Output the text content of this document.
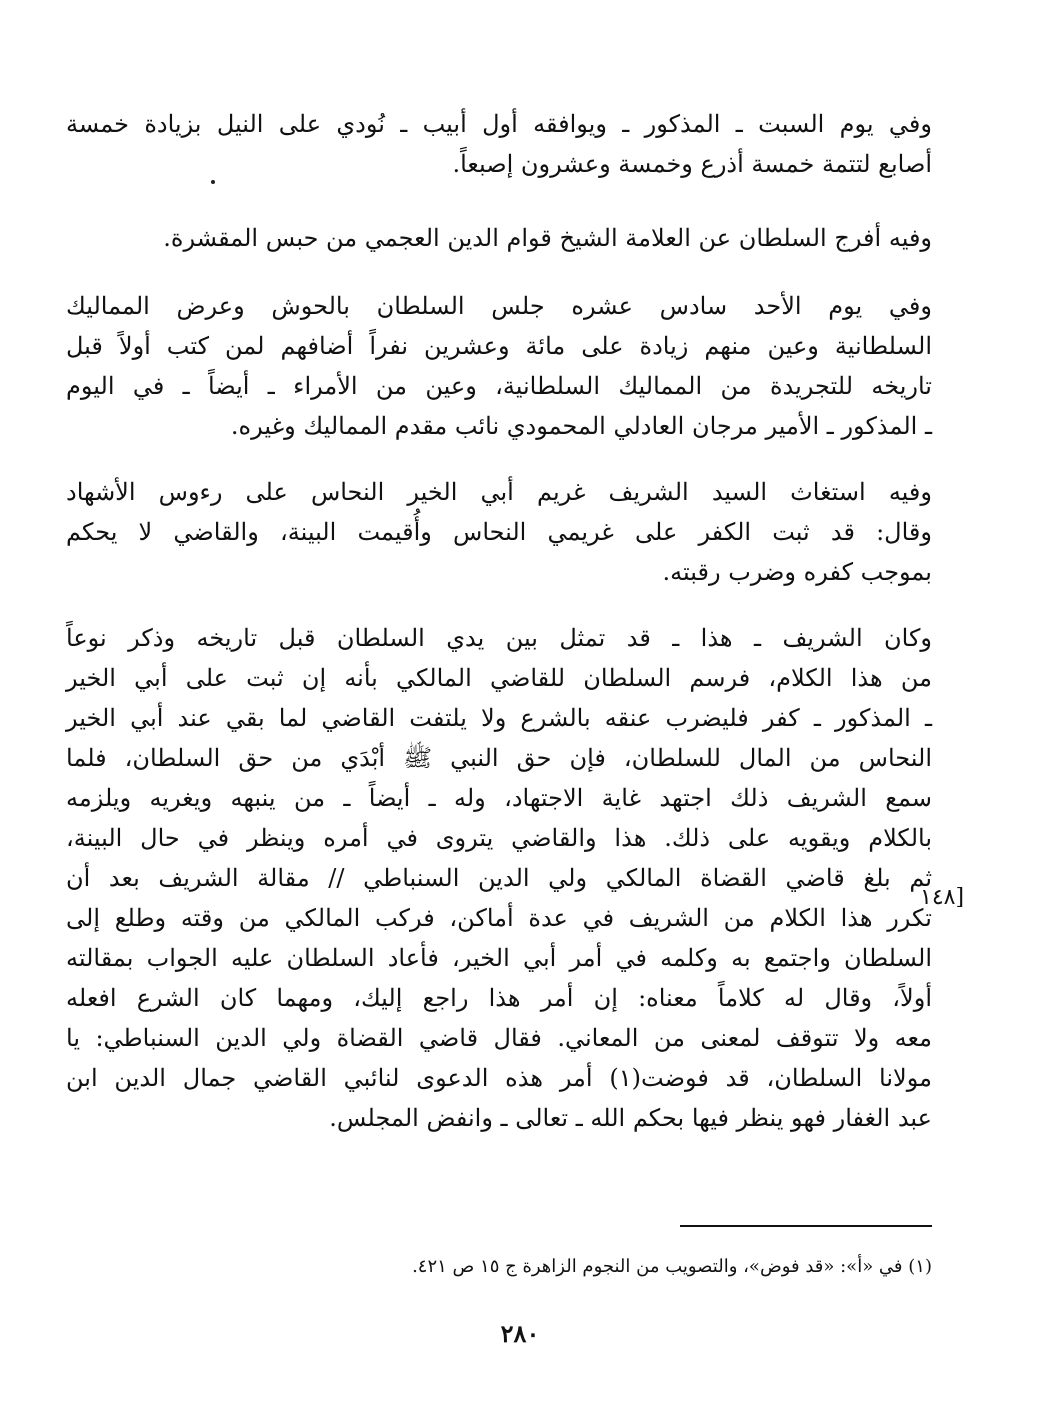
وفي يوم السبت ـ المذكور ـ ويوافقه أول أبيب ـ نُودي على النيل بزيادة خمسة
أصابع لتتمة خمسة أذرع وخمسة وعشرون إصبعاً.
وفيه أفرج السلطان عن العلامة الشيخ قوام الدين العجمي من حبس المقشرة.
وفي يوم الأحد سادس عشره جلس السلطان بالحوش وعرض المماليك
السلطانية وعين منهم زيادة على مائة وعشرين نفراً أضافهم لمن كتب أولاً قبل
تاريخه للتجريدة من المماليك السلطانية، وعين من الأمراء ـ أيضاً ـ في اليوم
ـ المذكور ـ الأمير مرجان العادلي المحمودي نائب مقدم المماليك وغيره.
وفيه استغاث السيد الشريف غريم أبي الخير النحاس على رءوس الأشهاد
وقال: قد ثبت الكفر على غريمي النحاس وأُقيمت البينة، والقاضي لا يحكم
بموجب كفره وضرب رقبته.
وكان الشريف ـ هذا ـ قد تمثل بين يدي السلطان قبل تاريخه وذكر نوعاً
من هذا الكلام، فرسم السلطان للقاضي المالكي بأنه إن ثبت على أبي الخير
ـ المذكور ـ كفر فليضرب عنقه بالشرع ولا يلتفت القاضي لما بقي عند أبي الخير
النحاس من المال للسلطان، فإن حق النبي ﷺ أبْدَي من حق السلطان، فلما
سمع الشريف ذلك اجتهد غاية الاجتهاد، وله ـ أيضاً ـ من ينبهه ويغريه ويلزمه
بالكلام ويقويه على ذلك. هذا والقاضي يتروى في أمره وينظر في حال البينة،
ثم بلغ قاضي القضاة المالكي ولي الدين السنباطي // مقالة الشريف بعد أن
تكرر هذا الكلام من الشريف في عدة أماكن، فركب المالكي من وقته وطلع إلى
السلطان واجتمع به وكلمه في أمر أبي الخير، فأعاد السلطان عليه الجواب بمقالته
أولاً، وقال له كلاماً معناه: إن أمر هذا راجع إليك، ومهما كان الشرع افعله
معه ولا تتوقف لمعنى من المعاني. فقال قاضي القضاة ولي الدين السنباطي: يا
مولانا السلطان، قد فوضت(١) أمر هذه الدعوى لنائبي القاضي جمال الدين ابن
عبد الغفار فهو ينظر فيها بحكم الله ـ تعالى ـ وانفض المجلس.
[١٤٨
(١) في «أ»: «قد فوض»، والتصويب من النجوم الزاهرة ج ١٥ ص ٤٢١.
٢٨٠
